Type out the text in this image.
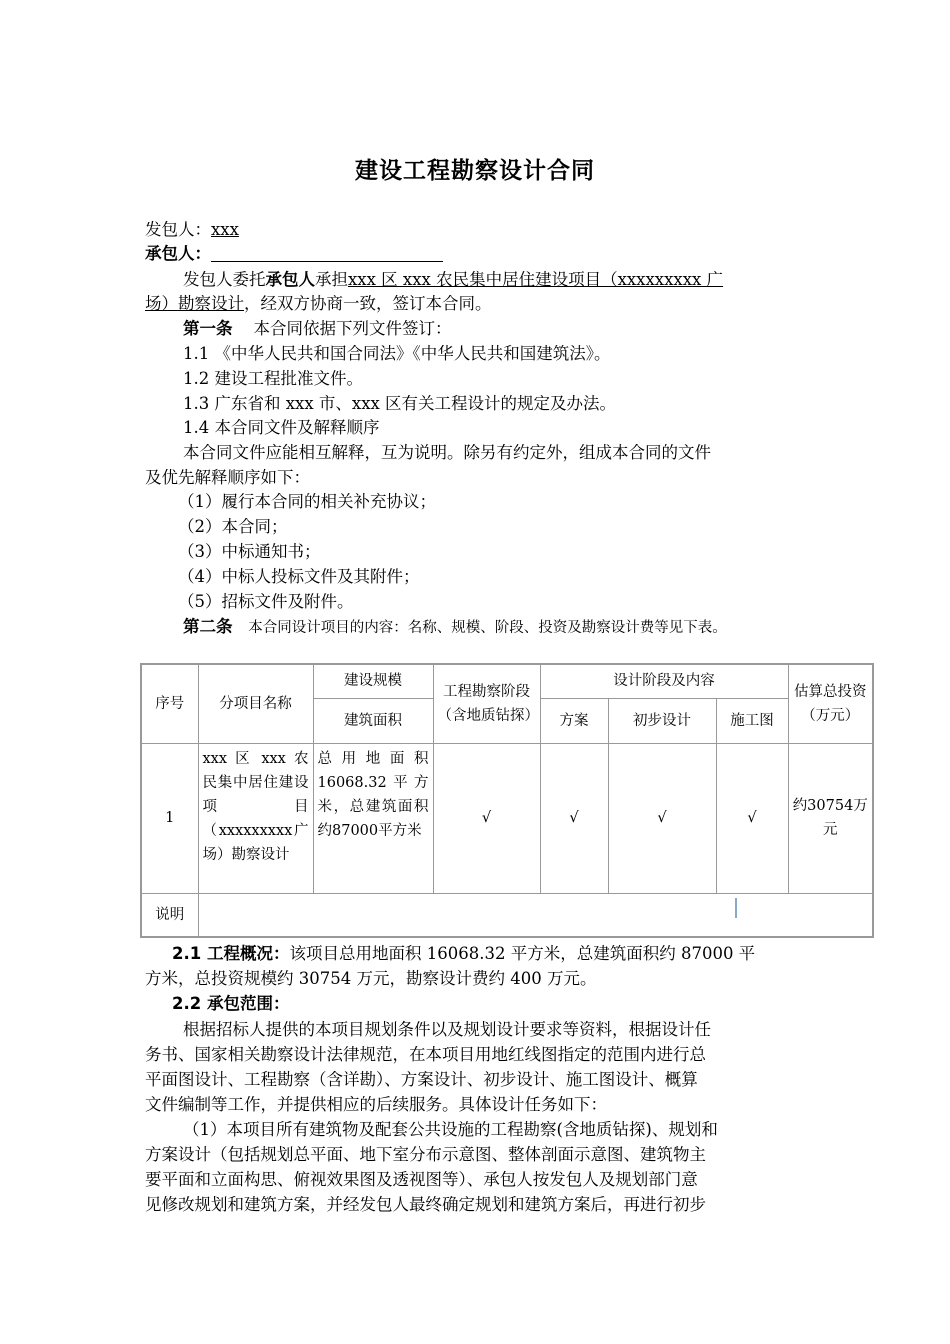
建设工程勘察设计合同
发包人：xxx
承包人：
发包人委托承包人承担xxx 区 xxx 农民集中居住建设项目（xxxxxxxxx 广
场）勘察设计，经双方协商一致，签订本合同。
第一条 本合同依据下列文件签订：
1.1 《中华人民共和国合同法》《中华人民共和国建筑法》。
1.2 建设工程批准文件。
1.3 广东省和 xxx 市、xxx 区有关工程设计的规定及办法。
1.4 本合同文件及解释顺序
本合同文件应能相互解释，互为说明。除另有约定外，组成本合同的文件
及优先解释顺序如下：
（1）履行本合同的相关补充协议；
（2）本合同；
（3）中标通知书；
（4）中标人投标文件及其附件；
（5）招标文件及附件。
第二条 本合同设计项目的内容：名称、规模、阶段、投资及勘察设计费等见下表。
序号	分项目名称	建设规模	工程勘察阶段（含地质钻探）	设计阶段及内容			估算总投资（万元）
		建筑面积		方案	初步设计	施工图	
1	xxx 区 xxx 农民集中居住建设项目（xxxxxxxxx广场）勘察设计	总用地面积16068.32平方米，总建筑面积约87000平方米	√	√	√	√	约30754万元
说明							
2.1 工程概况：该项目总用地面积 16068.32 平方米，总建筑面积约 87000 平
方米，总投资规模约 30754 万元，勘察设计费约 400 万元。
2.2 承包范围：
根据招标人提供的本项目规划条件以及规划设计要求等资料，根据设计任
务书、国家相关勘察设计法律规范，在本项目用地红线图指定的范围内进行总
平面图设计、工程勘察（含详勘）、方案设计、初步设计、施工图设计、概算
文件编制等工作，并提供相应的后续服务。具体设计任务如下：
（1）本项目所有建筑物及配套公共设施的工程勘察(含地质钻探)、规划和
方案设计（包括规划总平面、地下室分布示意图、整体剖面示意图、建筑物主
要平面和立面构思、俯视效果图及透视图等）、承包人按发包人及规划部门意
见修改规划和建筑方案，并经发包人最终确定规划和建筑方案后，再进行初步
